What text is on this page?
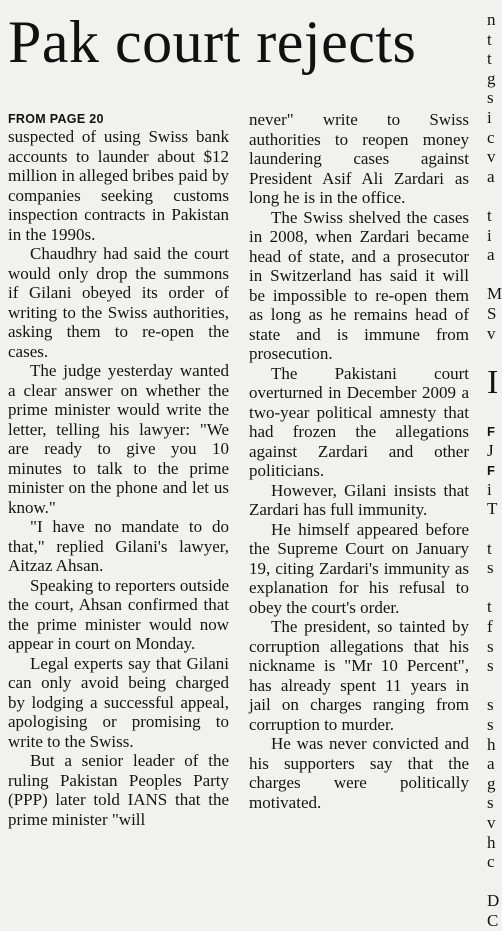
Pak court rejects
FROM PAGE 20

suspected of using Swiss bank accounts to launder about $12 million in alleged bribes paid by companies seeking customs inspection contracts in Pakistan in the 1990s.

Chaudhry had said the court would only drop the summons if Gilani obeyed its order of writing to the Swiss authorities, asking them to re-open the cases.

The judge yesterday wanted a clear answer on whether the prime minister would write the letter, telling his lawyer: "We are ready to give you 10 minutes to talk to the prime minister on the phone and let us know."

"I have no mandate to do that," replied Gilani's lawyer, Aitzaz Ahsan.

Speaking to reporters outside the court, Ahsan confirmed that the prime minister would now appear in court on Monday.

Legal experts say that Gilani can only avoid being charged by lodging a successful appeal, apologising or promising to write to the Swiss.

But a senior leader of the ruling Pakistan Peoples Party (PPP) later told IANS that the prime minister "will

never" write to Swiss authorities to reopen money laundering cases against President Asif Ali Zardari as long he is in the office.

The Swiss shelved the cases in 2008, when Zardari became head of state, and a prosecutor in Switzerland has said it will be impossible to re-open them as long as he remains head of state and is immune from prosecution.

The Pakistani court overturned in December 2009 a two-year political amnesty that had frozen the allegations against Zardari and other politicians.

However, Gilani insists that Zardari has full immunity.

He himself appeared before the Supreme Court on January 19, citing Zardari's immunity as explanation for his refusal to obey the court's order.

The president, so tainted by corruption allegations that his nickname is "Mr 10 Percent", has already spent 11 years in jail on charges ranging from corruption to murder.

He was never convicted and his supporters say that the charges were politically motivated.

n
t
t
g
s
i
c
v
a
t
i
a
M
S
v
I
F
J
F
i
T
t
s
t
f
s
s
s
s
h
a
g
s
v
h
c
D
C
